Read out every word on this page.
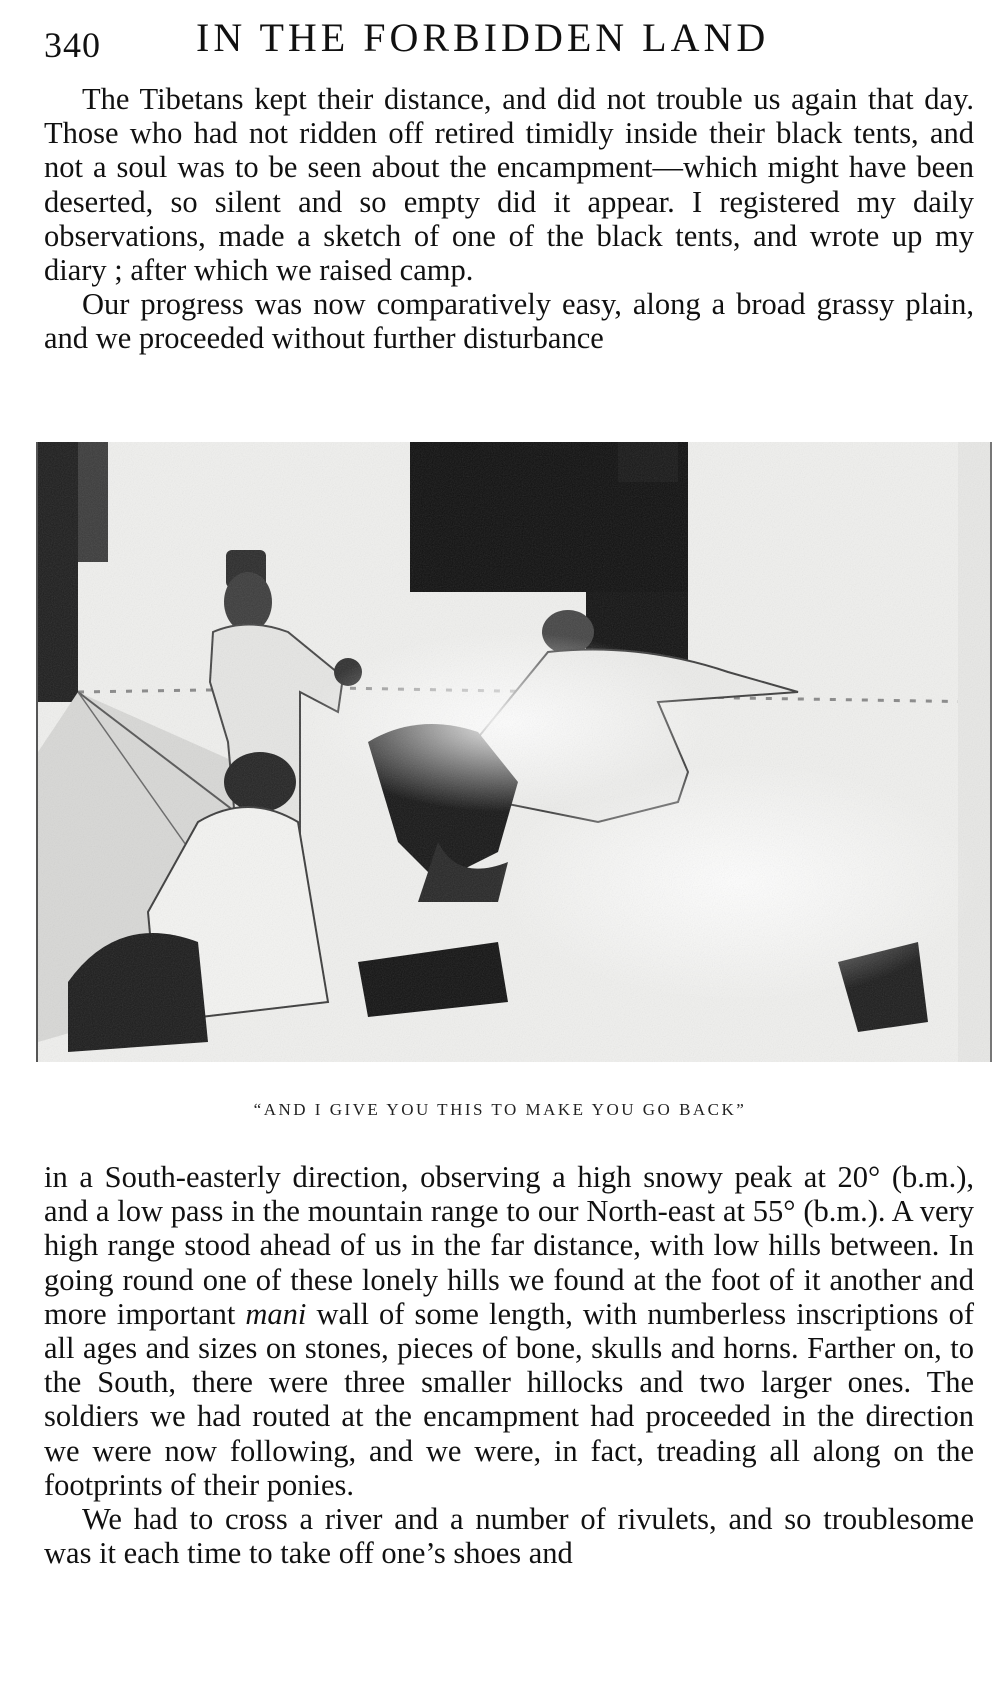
340 IN THE FORBIDDEN LAND

The Tibetans kept their distance, and did not trouble us again that day. Those who had not ridden off retired timidly inside their black tents, and not a soul was to be seen about the encampment—which might have been deserted, so silent and so empty did it appear. I registered my daily observations, made a sketch of one of the black tents, and wrote up my diary ; after which we raised camp.

Our progress was now comparatively easy, along a broad grassy plain, and we proceeded without further disturbance

“AND I GIVE YOU THIS TO MAKE YOU GO BACK”

in a South-easterly direction, observing a high snowy peak at 20° (b.m.), and a low pass in the mountain range to our North-east at 55° (b.m.). A very high range stood ahead of us in the far distance, with low hills between. In going round one of these lonely hills we found at the foot of it another and more important mani wall of some length, with numberless inscriptions of all ages and sizes on stones, pieces of bone, skulls and horns. Farther on, to the South, there were three smaller hillocks and two larger ones. The soldiers we had routed at the encampment had proceeded in the direction we were now following, and we were, in fact, treading all along on the footprints of their ponies.

We had to cross a river and a number of rivulets, and so troublesome was it each time to take off one’s shoes and
